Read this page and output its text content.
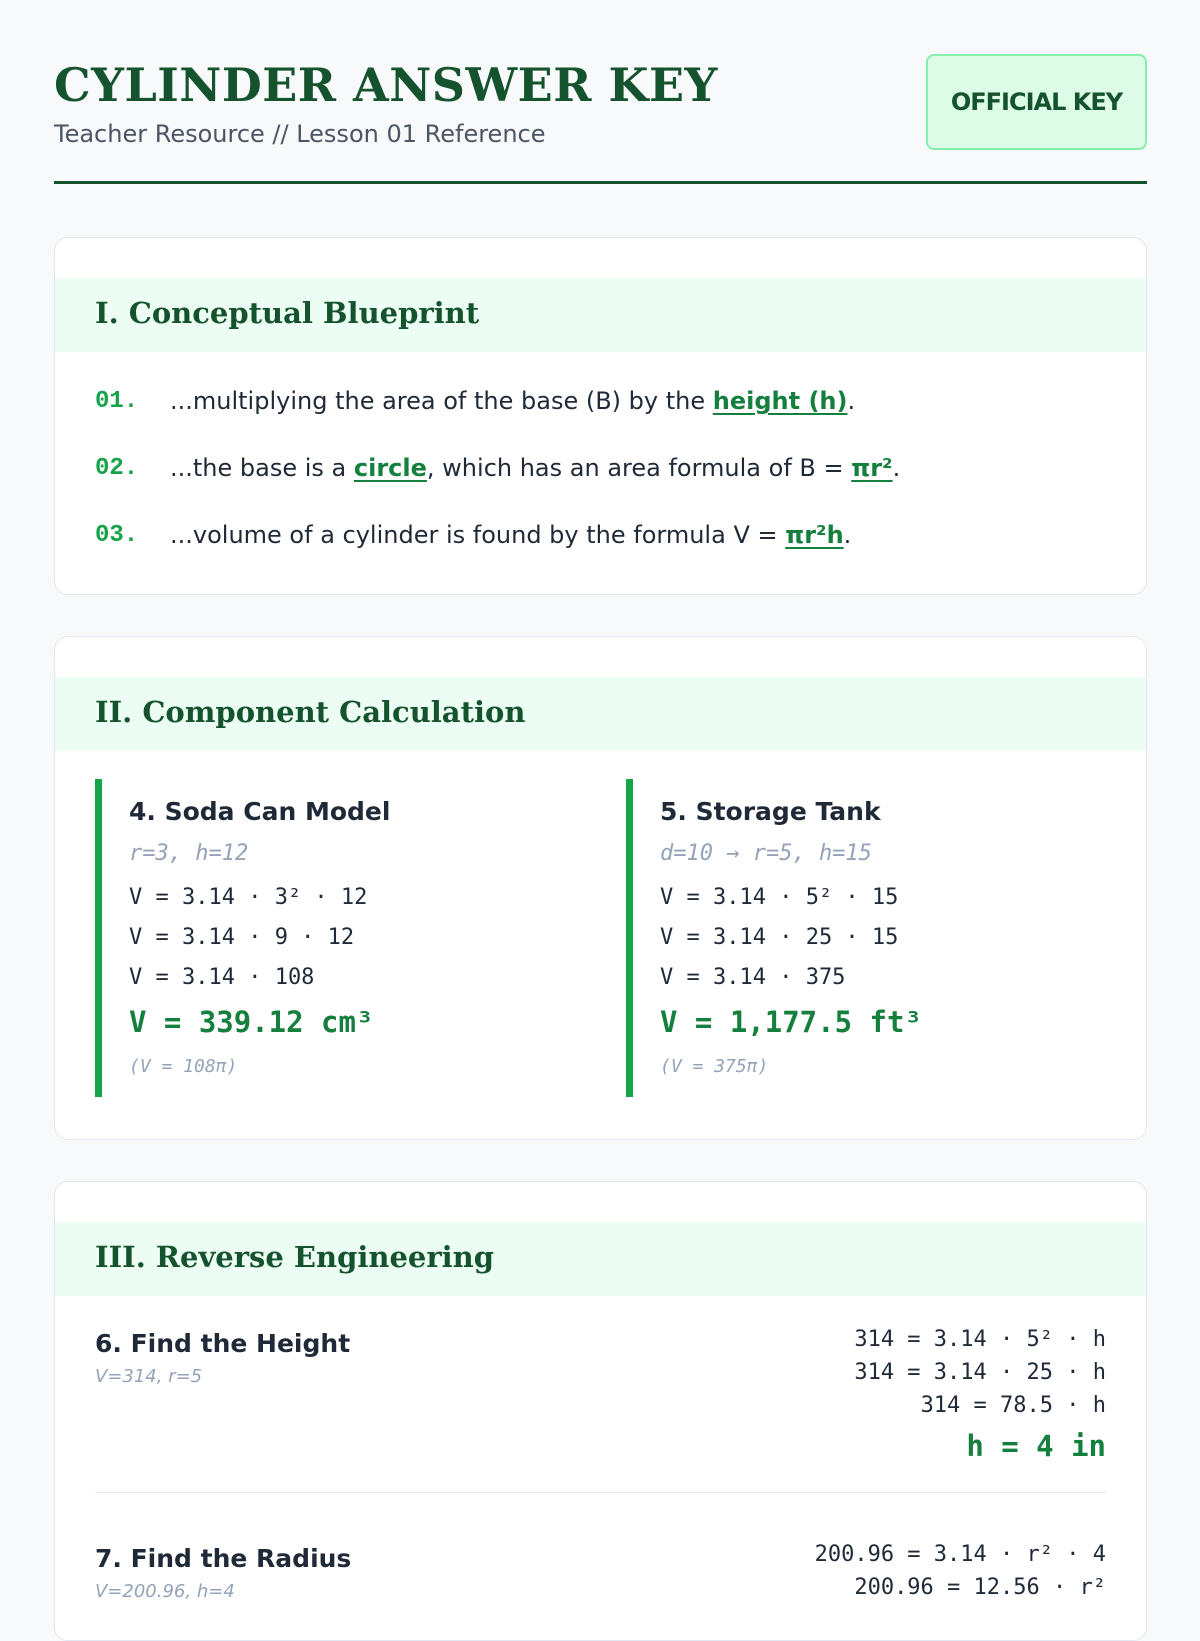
CYLINDER ANSWER KEY
Teacher Resource // Lesson 01 Reference
OFFICIAL KEY
I. Conceptual Blueprint
01.	...multiplying the area of the base (B) by the height (h).
02.	...the base is a circle, which has an area formula of B = πr².
03.	...volume of a cylinder is found by the formula V = πr²h.
II. Component Calculation
4. Soda Can Model
r=3, h=12
V = 3.14 · 3² · 12
V = 3.14 · 9 · 12
V = 3.14 · 108
V = 339.12 cm³
(V = 108π)
5. Storage Tank
d=10 → r=5, h=15
V = 3.14 · 5² · 15
V = 3.14 · 25 · 15
V = 3.14 · 375
V = 1,177.5 ft³
(V = 375π)
III. Reverse Engineering
6. Find the Height
V=314, r=5
314 = 3.14 · 5² · h
314 = 3.14 · 25 · h
314 = 78.5 · h
h = 4 in
7. Find the Radius
V=200.96, h=4
200.96 = 3.14 · r² · 4
200.96 = 12.56 · r²
